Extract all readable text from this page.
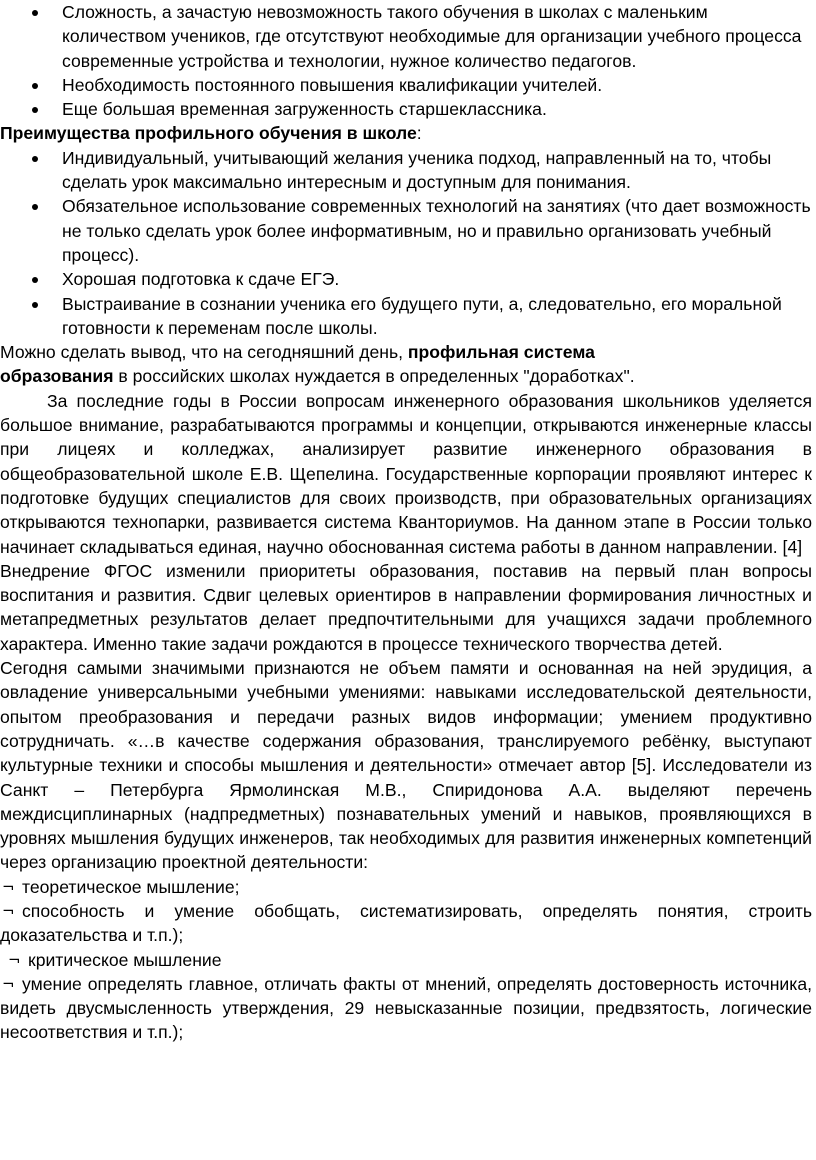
Сложность, а зачастую невозможность такого обучения в школах с маленьким количеством учеников, где отсутствуют необходимые для организации учебного процесса современные устройства и технологии, нужное количество педагогов.
Необходимость постоянного повышения квалификации учителей.
Еще большая временная загруженность старшеклассника.

Преимущества профильного обучения в школе:

Индивидуальный, учитывающий желания ученика подход, направленный на то, чтобы сделать урок максимально интересным и доступным для понимания.
Обязательное использование современных технологий на занятиях (что дает возможность не только сделать урок более информативным, но и правильно организовать учебный процесс).
Хорошая подготовка к сдаче ЕГЭ.
Выстраивание в сознании ученика его будущего пути, а, следовательно, его моральной готовности к переменам после школы.

Можно сделать вывод, что на сегодняшний день, профильная система образования в российских школах нуждается в определенных "доработках".

За последние годы в России вопросам инженерного образования школьников уделяется большое внимание, разрабатываются программы и концепции, открываются инженерные классы при лицеях и колледжах, анализирует развитие инженерного образования в общеобразовательной школе Е.В. Щепелина. Государственные корпорации проявляют интерес к подготовке будущих специалистов для своих производств, при образовательных организациях открываются технопарки, развивается система Кванториумов. На данном этапе в России только начинает складываться единая, научно обоснованная система работы в данном направлении. [4]

Внедрение ФГОС изменили приоритеты образования, поставив на первый план вопросы воспитания и развития. Сдвиг целевых ориентиров в направлении формирования личностных и метапредметных результатов делает предпочтительными для учащихся задачи проблемного характера. Именно такие задачи рождаются в процессе технического творчества детей.

Сегодня самыми значимыми признаются не объем памяти и основанная на ней эрудиция, а овладение универсальными учебными умениями: навыками исследовательской деятельности, опытом преобразования и передачи разных видов информации; умением продуктивно сотрудничать. «…в качестве содержания образования, транслируемого ребёнку, выступают культурные техники и способы мышления и деятельности» отмечает автор [5]. Исследователи из Санкт – Петербурга Ярмолинская М.В., Спиридонова А.А. выделяют перечень междисциплинарных (надпредметных) познавательных умений и навыков, проявляющихся в уровнях мышления будущих инженеров, так необходимых для развития инженерных компетенций через организацию проектной деятельности:

¬ теоретическое мышление;

¬ способность и умение обобщать, систематизировать, определять понятия, строить доказательства и т.п.);

¬ критическое мышление

¬ умение определять главное, отличать факты от мнений, определять достоверность источника, видеть двусмысленность утверждения, 29 невысказанные позиции, предвзятость, логические несоответствия и т.п.);
